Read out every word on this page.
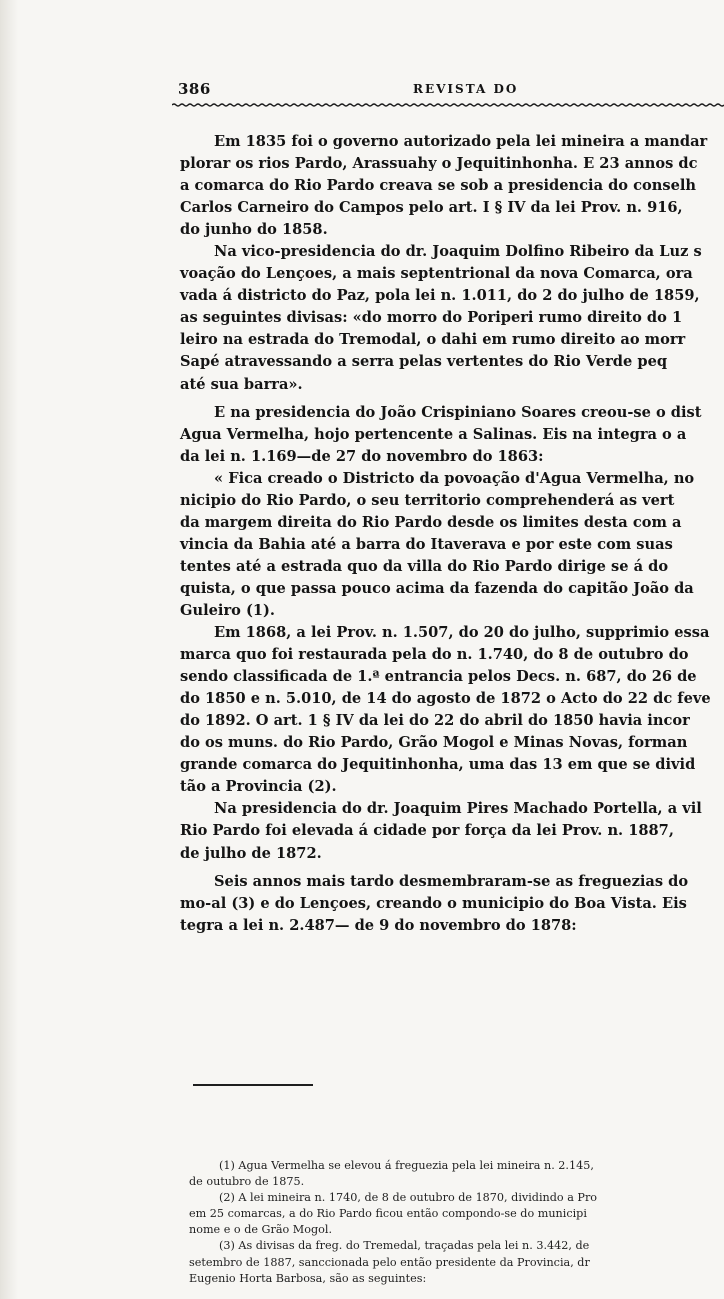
386	REVISTA DO
Em 1835 foi o governo autorizado pela lei mineira a mandar
plorar os rios Pardo, Arassuahy o Jequitinhonha. E 23 annos dc
a comarca do Rio Pardo creava se sob a presidencia do conselh
Carlos Carneiro do Campos pelo art. I § IV da lei Prov. n. 916,
do junho do 1858.
Na vico-presidencia do dr. Joaquim Dolfino Ribeiro da Luz s
voação do Lençoes, a mais septentrional da nova Comarca, ora
vada á districto do Paz, pola lei n. 1.011, do 2 do julho de 1859,
as seguintes divisas: «do morro do Poriperi rumo direito do 1
leiro na estrada do Tremodal, o dahi em rumo direito ao morr
Sapé atravessando a serra pelas vertentes do Rio Verde peq
até sua barra».
E na presidencia do João Crispiniano Soares creou-se o dist
Agua Vermelha, hojo pertencente a Salinas. Eis na integra o a
da lei n. 1.169—de 27 do novembro do 1863:
« Fica creado o Districto da povoação d'Agua Vermelha, no
nicipio do Rio Pardo, o seu territorio comprehenderá as vert
da margem direita do Rio Pardo desde os limites desta com a
vincia da Bahia até a barra do Itaverava e por este com suas
tentes até a estrada quo da villa do Rio Pardo dirige se á do
quista, o que passa pouco acima da fazenda do capitão João da
Guleiro (1).
Em 1868, a lei Prov. n. 1.507, do 20 do julho, supprimio essa
marca quo foi restaurada pela do n. 1.740, do 8 de outubro do
sendo classificada de 1.ª entrancia pelos Decs. n. 687, do 26 de
do 1850 e n. 5.010, de 14 do agosto de 1872 o Acto do 22 dc feve
do 1892. O art. 1 § IV da lei do 22 do abril do 1850 havia incor
do os muns. do Rio Pardo, Grão Mogol e Minas Novas, forman
grande comarca do Jequitinhonha, uma das 13 em que se divid
tão a Provincia (2).
Na presidencia do dr. Joaquim Pires Machado Portella, a vil
Rio Pardo foi elevada á cidade por força da lei Prov. n. 1887,
de julho de 1872.
Seis annos mais tardo desmembraram-se as freguezias do
mo-al (3) e do Lençoes, creando o municipio do Boa Vista. Eis
tegra a lei n. 2.487— de 9 do novembro do 1878:
(1) Agua Vermelha se elevou á freguezia pela lei mineira n. 2.145,
de outubro de 1875.
(2) A lei mineira n. 1740, de 8 de outubro de 1870, dividindo a Pro
em 25 comarcas, a do Rio Pardo ficou então compondo-se do municipi
nome e o de Grão Mogol.
(3) As divisas da freg. do Tremedal, traçadas pela lei n. 3.442, de
setembro de 1887, sanccionada pelo então presidente da Provincia, dr
Eugenio Horta Barbosa, são as seguintes:
